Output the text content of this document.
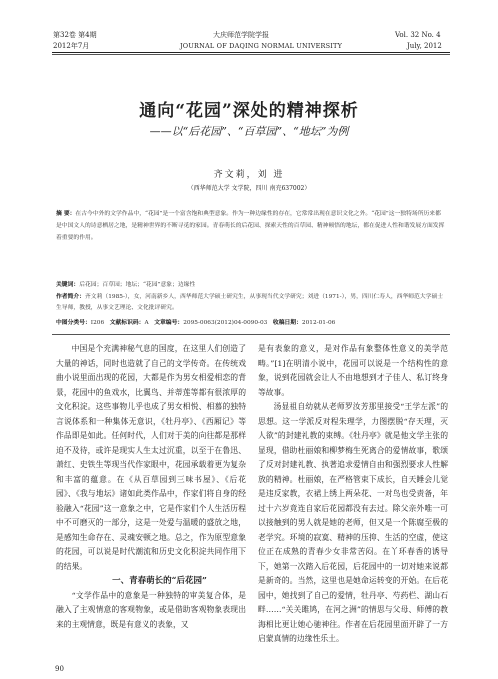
第32卷 第4期	大庆师范学院学报	Vol. 32 No. 4
2012年7月	JOURNAL OF DAQING NORMAL UNIVERSITY	July, 2012
通向“花园”深处的精神探析
——以“后花园”、“百草园”、“地坛”为例
齐文莉，刘 进
（西华师范大学 文学院，四川 南充637002）
摘 要：在古今中外的文学作品中，“花园”是一个富含饱和典型意象。作为一种边缘性的存在，它常常出现在意识文化之外。“花园”这一独特场所历来都是中国文人的诗意栖居之地，是精神世界的不断寻觅的家园。青春萌长的后花园、探索天性的百草园、精神顿悟的地坛，都在促进人性和谐发展方面发挥着重要的作用。
关键词：后花园；百草园；地坛；“花园”意象；边缘性
作者简介：齐文莉（1985-），女，河南新乡人，西华师范大学硕士研究生，从事现当代文学研究；刘进（1971-），男，四川仁寿人，西华师范大学硕士生导师，教授，从事文艺理论、文化批评研究。
中图分类号：I206 文献标识码：A 文章编号：2095-0063(2012)04-0090-03 收稿日期：2012-01-06

中国是个充满神秘气息的国度，在这里人们创造了大量的神话，同时也造就了自己的文学传奇。在传统戏曲小说里面出现的花园，大都是作为男女相爱相恋的背景，花园中的鱼戏水，比翼鸟、并蒂莲等都有很浓厚的文化积淀。这些事物儿乎也成了男女相悦、相慕的独特言说体系和一种集体无意识，《牡丹亭》、《西厢记》等作品即是如此。任何时代，人们对于美的向往都是那样迫不及待，或许是现实人生太过沉重，以至于在鲁迅、萧红、史铁生等现当代作家眼中，花园承载着更为复杂和丰富的蕴意。在《从百草园到三味书屋》、《后花园》、《我与地坛》诸如此类作品中，作家们将自身的经验融入“花园”这一意象之中，它是作家们个人生活历程中不可磨灭的一部分，这是一处爱与温暖的盛放之地，是感知生命存在、灵魂安顿之地。总之，作为原型意象的花园，可以说是时代潮流和历史文化积淀共同作用下的结果。

一、青春萌长的“后花园”

“文学作品中的意象是一种独特的审美复合体，是融入了主观情意的客观物象，或是借助客观物象表现出来的主观情意，既是有意义的表象，又

是有表象的意义，是对作品有象整体性意义的美学范畴。”[1]在明清小说中，花园可以说是一个结构性的意象，说到花园就会让人不由地想到才子佳人、私订终身等故事。

汤显祖自幼就从老师罗汝芳那里接受“王学左派”的思想。这一学派反对程朱理学，力图摆脱“存天理，灭人欲”的封建礼教的束缚。《牡丹亭》就是他文学主张的显现，借助杜丽娘和柳梦梅生死离合的爱情故事，歌颂了反对封建礼教、执著追求爱情自由和强烈要求人性解放的精神。杜丽娘，在严格管束下成长，自天睡会儿觉是违反家教，衣裙上绣上两朵花、一对鸟也受责备，年过十六岁竟连自家后花园都没有去过。除父亲外唯一可以接触到的男人就是她的老师，但又是一个陈腐至极的老学究。环境的寂寞、精神的压抑、生活的空虚，使这位正在成熟的青春少女非常苦闷。在丫环春香的诱导下，她第一次踏入后花园，后花园中的一切对她来说都是新奇的。当然，这里也是她命运转变的开始。在后花园中，她找到了自己的爱情，牡丹亭、芍药栏、湖山石畔……“关关雎鸠，在河之洲”的情思与父母、师傅的教海相比更让她心驰神往。作者在后花园里面开辟了一方启蒙真情的边缘性乐土。

90
